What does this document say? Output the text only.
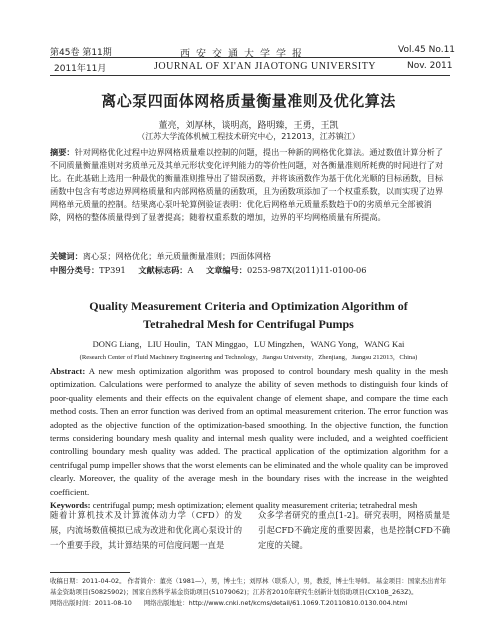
第45卷 第11期	西安交通大学学报	Vol.45 No.11
2011年11月	JOURNAL OF XI'AN JIAOTONG UNIVERSITY	Nov. 2011
离心泵四面体网格质量衡量准则及优化算法
董亮，刘厚林，谈明高，路明臻，王勇，王凯
（江苏大学流体机械工程技术研究中心，212013，江苏镇江）
摘要：针对网格优化过程中边界网格质量难以控制的问题，提出一种新的网格优化算法。通过数值计算分析了不同质量衡量准则对劣质单元及其单元形状变化评判能力的等价性问题，对各衡量准则所耗费的时间进行了对比。在此基础上选用一种最优的衡量准则推导出了错误函数，并将该函数作为基于优化光顺的目标函数，目标函数中包含有考虑边界网格质量和内部网格质量的函数项，且为函数项添加了一个权重系数，以而实现了边界网格单元质量的控制。结果离心泵叶轮算例验证表明：优化后网格单元质量系数趋于0的劣质单元全部被消除，网格的整体质量得到了显著提高；随着权重系数的增加，边界的平均网格质量有所提高。
关键词：离心泵；网格优化；单元质量衡量准则；四面体网格
中图分类号：TP391 文献标志码：A 文章编号：0253-987X(2011)11-0100-06
Quality Measurement Criteria and Optimization Algorithm of Tetrahedral Mesh for Centrifugal Pumps
DONG Liang，LIU Houlin，TAN Minggao，LU Mingzhen，WANG Yong，WANG Kai
(Research Center of Fluid Machinery Engineering and Technology，Jiangsu University，Zhenjiang，Jiangsu 212013，China)
Abstract: A new mesh optimization algorithm was proposed to control boundary mesh quality in the mesh optimization. Calculations were performed to analyze the ability of seven methods to distinguish four kinds of poor-quality elements and their effects on the equivalent change of element shape, and compare the time each method costs. Then an error function was derived from an optimal measurement criterion. The error function was adopted as the objective function of the optimization-based smoothing. In the objective function, the function terms considering boundary mesh quality and internal mesh quality were included, and a weighted coefficient controlling boundary mesh quality was added. The practical application of the optimization algorithm for a centrifugal pump impeller shows that the worst elements can be eliminated and the whole quality can be improved clearly. Moreover, the quality of the average mesh in the boundary rises with the increase in the weighted coefficient.
Keywords: centrifugal pump; mesh optimization; element quality measurement criteria; tetrahedral mesh
随着计算机技术及计算流体动力学（CFD）的发展，内流场数值模拟已成为改进和优化离心泵设计的一个重要手段，其计算结果的可信度问题一直是
众多学者研究的重点[1-2]。研究表明，网格质量是引起CFD不确定度的重要因素，也是控制CFD不确定度的关键。
收稿日期：2011-04-02。 作者简介：董亮（1981—），男，博士生；刘厚林（联系人），男，教授，博士生导师。 基金项目：国家杰出青年基金资助项目(50825902)；国家自然科学基金资助项目(51079062)；江苏省2010年研究生创新计划资助项目(CX10B_263Z)。
网络出版时间：2011-08-10 网络出版地址：http://www.cnki.net/kcms/detail/61.1069.T.20110810.0130.004.html
